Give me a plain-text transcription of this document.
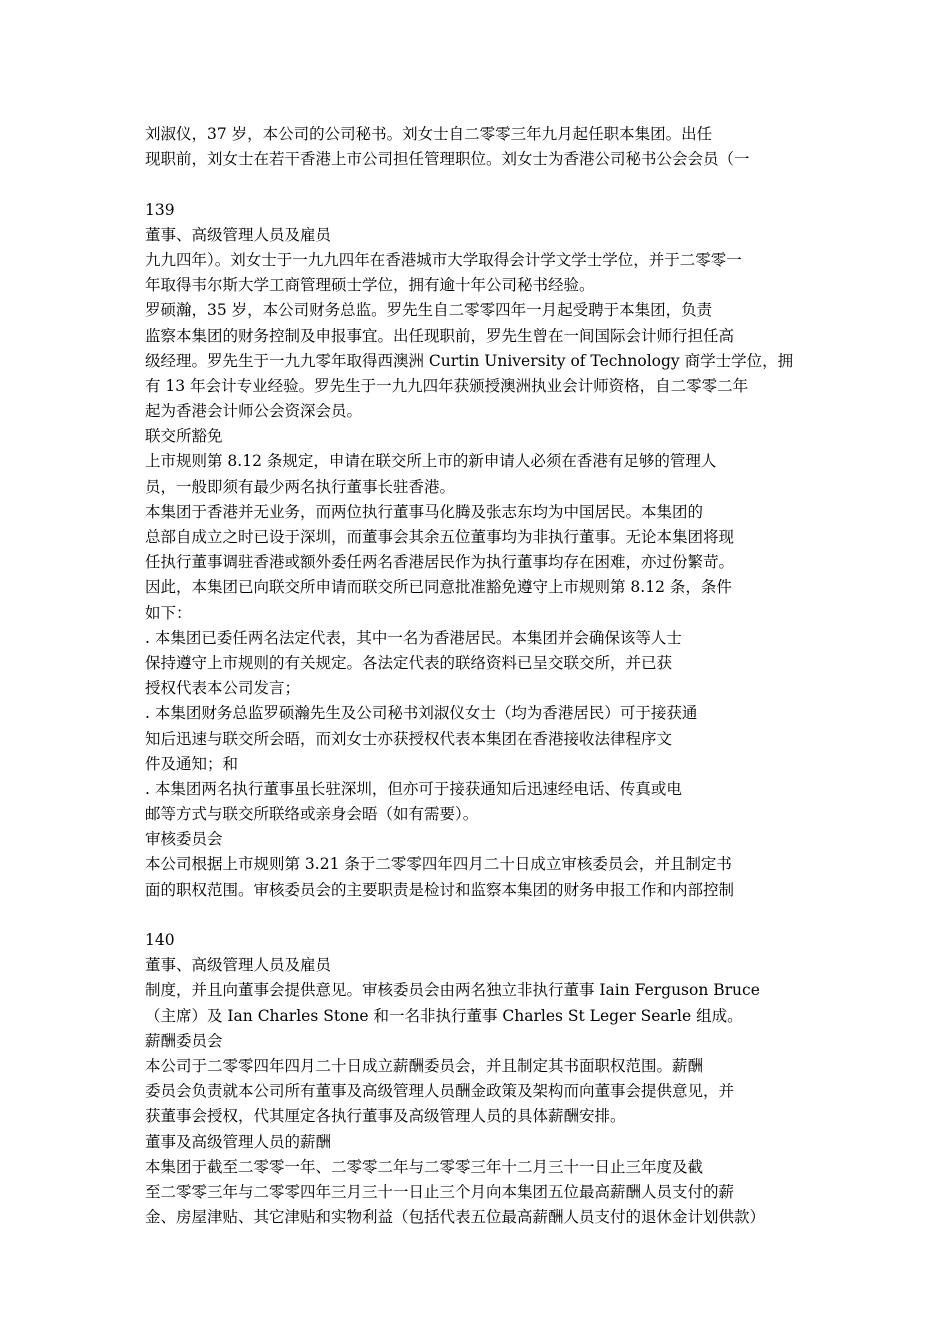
刘淑仪，37 岁，本公司的公司秘书。刘女士自二零零三年九月起任职本集团。出任
现职前，刘女士在若干香港上市公司担任管理职位。刘女士为香港公司秘书公会会员（一
139
董事、高级管理人员及雇员
九九四年）。刘女士于一九九四年在香港城市大学取得会计学文学士学位，并于二零零一
年取得韦尔斯大学工商管理硕士学位，拥有逾十年公司秘书经验。
罗硕瀚，35 岁，本公司财务总监。罗先生自二零零四年一月起受聘于本集团，负责
监察本集团的财务控制及申报事宜。出任现职前，罗先生曾在一间国际会计师行担任高
级经理。罗先生于一九九零年取得西澳洲 Curtin University of Technology 商学士学位，拥
有 13 年会计专业经验。罗先生于一九九四年获颁授澳洲执业会计师资格，自二零零二年
起为香港会计师公会资深会员。
联交所豁免
上市规则第 8.12 条规定，申请在联交所上市的新申请人必须在香港有足够的管理人
员，一般即须有最少两名执行董事长驻香港。
本集团于香港并无业务，而两位执行董事马化腾及张志东均为中国居民。本集团的
总部自成立之时已设于深圳，而董事会其余五位董事均为非执行董事。无论本集团将现
任执行董事调驻香港或额外委任两名香港居民作为执行董事均存在困难，亦过份繁苛。
因此，本集团已向联交所申请而联交所已同意批准豁免遵守上市规则第 8.12 条，条件
如下：
. 本集团已委任两名法定代表，其中一名为香港居民。本集团并会确保该等人士
保持遵守上市规则的有关规定。各法定代表的联络资料已呈交联交所，并已获
授权代表本公司发言；
. 本集团财务总监罗硕瀚先生及公司秘书刘淑仪女士（均为香港居民）可于接获通
知后迅速与联交所会晤，而刘女士亦获授权代表本集团在香港接收法律程序文
件及通知；和
. 本集团两名执行董事虽长驻深圳，但亦可于接获通知后迅速经电话、传真或电
邮等方式与联交所联络或亲身会晤（如有需要）。
审核委员会
本公司根据上市规则第 3.21 条于二零零四年四月二十日成立审核委员会，并且制定书
面的职权范围。审核委员会的主要职责是检讨和监察本集团的财务申报工作和内部控制
140
董事、高级管理人员及雇员
制度，并且向董事会提供意见。审核委员会由两名独立非执行董事 Iain Ferguson Bruce
（主席）及 Ian Charles Stone 和一名非执行董事 Charles St Leger Searle 组成。
薪酬委员会
本公司于二零零四年四月二十日成立薪酬委员会，并且制定其书面职权范围。薪酬
委员会负责就本公司所有董事及高级管理人员酬金政策及架构而向董事会提供意见，并
获董事会授权，代其厘定各执行董事及高级管理人员的具体薪酬安排。
董事及高级管理人员的薪酬
本集团于截至二零零一年、二零零二年与二零零三年十二月三十一日止三年度及截
至二零零三年与二零零四年三月三十一日止三个月向本集团五位最高薪酬人员支付的薪
金、房屋津贴、其它津贴和实物利益（包括代表五位最高薪酬人员支付的退休金计划供款）
